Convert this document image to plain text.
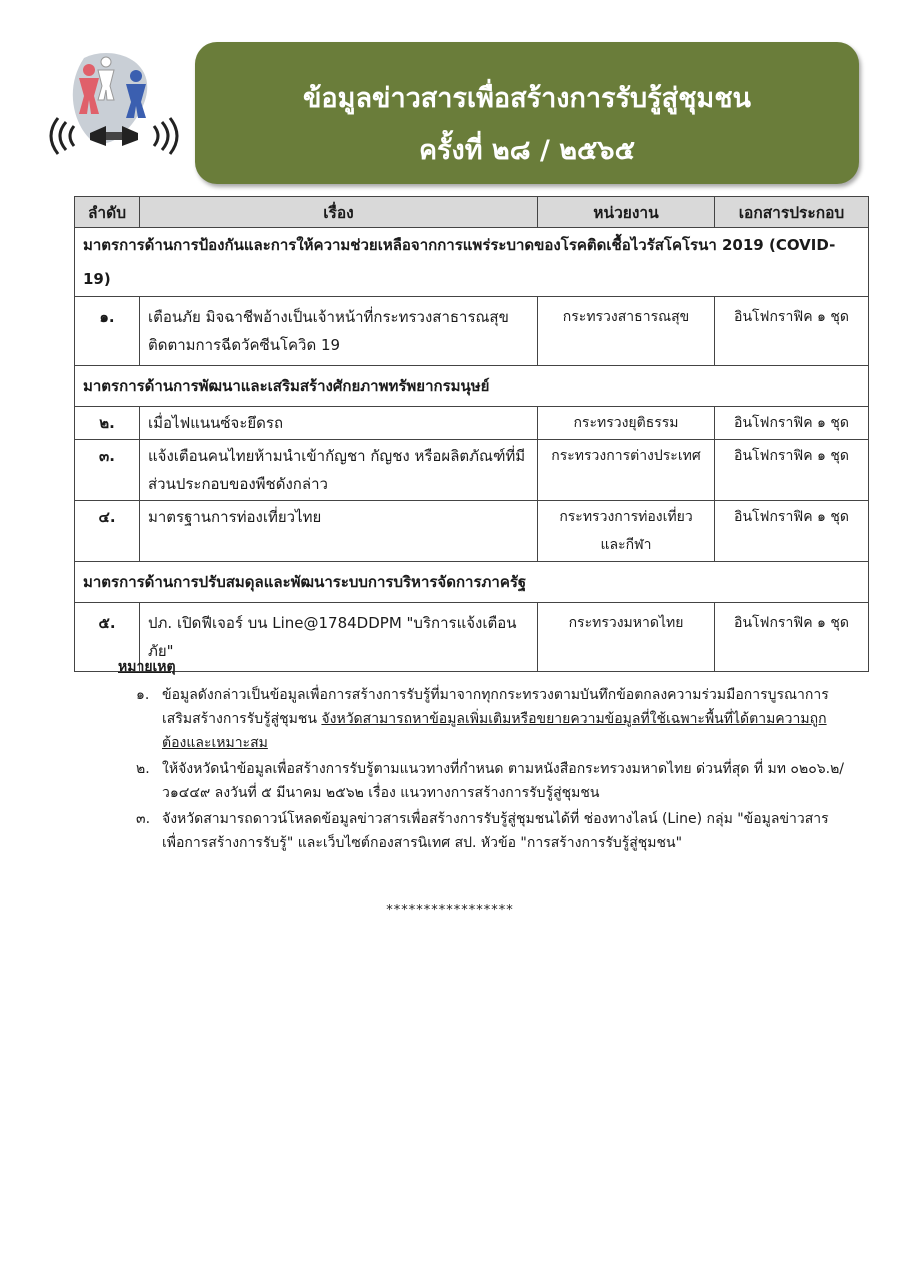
ข้อมูลข่าวสารเพื่อสร้างการรับรู้สู่ชุมชน
ครั้งที่ ๒๘ / ๒๕๖๕
ลำดับ	เรื่อง	หน่วยงาน	เอกสารประกอบ
มาตรการด้านการป้องกันและการให้ความช่วยเหลือจากการแพร่ระบาดของโรคติดเชื้อไวรัสโคโรนา 2019 (COVID-19)			
๑.	เตือนภัย มิจฉาชีพอ้างเป็นเจ้าหน้าที่กระทรวงสาธารณสุข ติดตามการฉีดวัคซีนโควิด 19	กระทรวงสาธารณสุข	อินโฟกราฟิค ๑ ชุด
มาตรการด้านการพัฒนาและเสริมสร้างศักยภาพทรัพยากรมนุษย์			
๒.	เมื่อไฟแนนซ์จะยึดรถ	กระทรวงยุติธรรม	อินโฟกราฟิค ๑ ชุด
๓.	แจ้งเตือนคนไทยห้ามนำเข้ากัญชา กัญชง หรือผลิตภัณฑ์ที่มีส่วนประกอบของพืชดังกล่าว	กระทรวงการต่างประเทศ	อินโฟกราฟิค ๑ ชุด
๔.	มาตรฐานการท่องเที่ยวไทย	กระทรวงการท่องเที่ยว และกีฬา	อินโฟกราฟิค ๑ ชุด
มาตรการด้านการปรับสมดุลและพัฒนาระบบการบริหารจัดการภาครัฐ			
๕.	ปภ. เปิดฟีเจอร์ บน Line@1784DDPM "บริการแจ้งเตือนภัย"	กระทรวงมหาดไทย	อินโฟกราฟิค ๑ ชุด
หมายเหตุ
๑. ข้อมูลดังกล่าวเป็นข้อมูลเพื่อการสร้างการรับรู้ที่มาจากทุกกระทรวงตามบันทึกข้อตกลงความร่วมมือการบูรณาการเสริมสร้างการรับรู้สู่ชุมชน จังหวัดสามารถหาข้อมูลเพิ่มเติมหรือขยายความข้อมูลที่ใช้เฉพาะพื้นที่ได้ตามความถูกต้องและเหมาะสม
๒. ให้จังหวัดนำข้อมูลเพื่อสร้างการรับรู้ตามแนวทางที่กำหนด ตามหนังสือกระทรวงมหาดไทย ด่วนที่สุด ที่ มท ๐๒๐๖.๒/ว๑๔๔๙ ลงวันที่ ๕ มีนาคม ๒๕๖๒ เรื่อง แนวทางการสร้างการรับรู้สู่ชุมชน
๓. จังหวัดสามารถดาวน์โหลดข้อมูลข่าวสารเพื่อสร้างการรับรู้สู่ชุมชนได้ที่ ช่องทางไลน์ (Line) กลุ่ม "ข้อมูลข่าวสารเพื่อการสร้างการรับรู้" และเว็บไซต์กองสารนิเทศ สป. หัวข้อ "การสร้างการรับรู้สู่ชุมชน"
*****************
